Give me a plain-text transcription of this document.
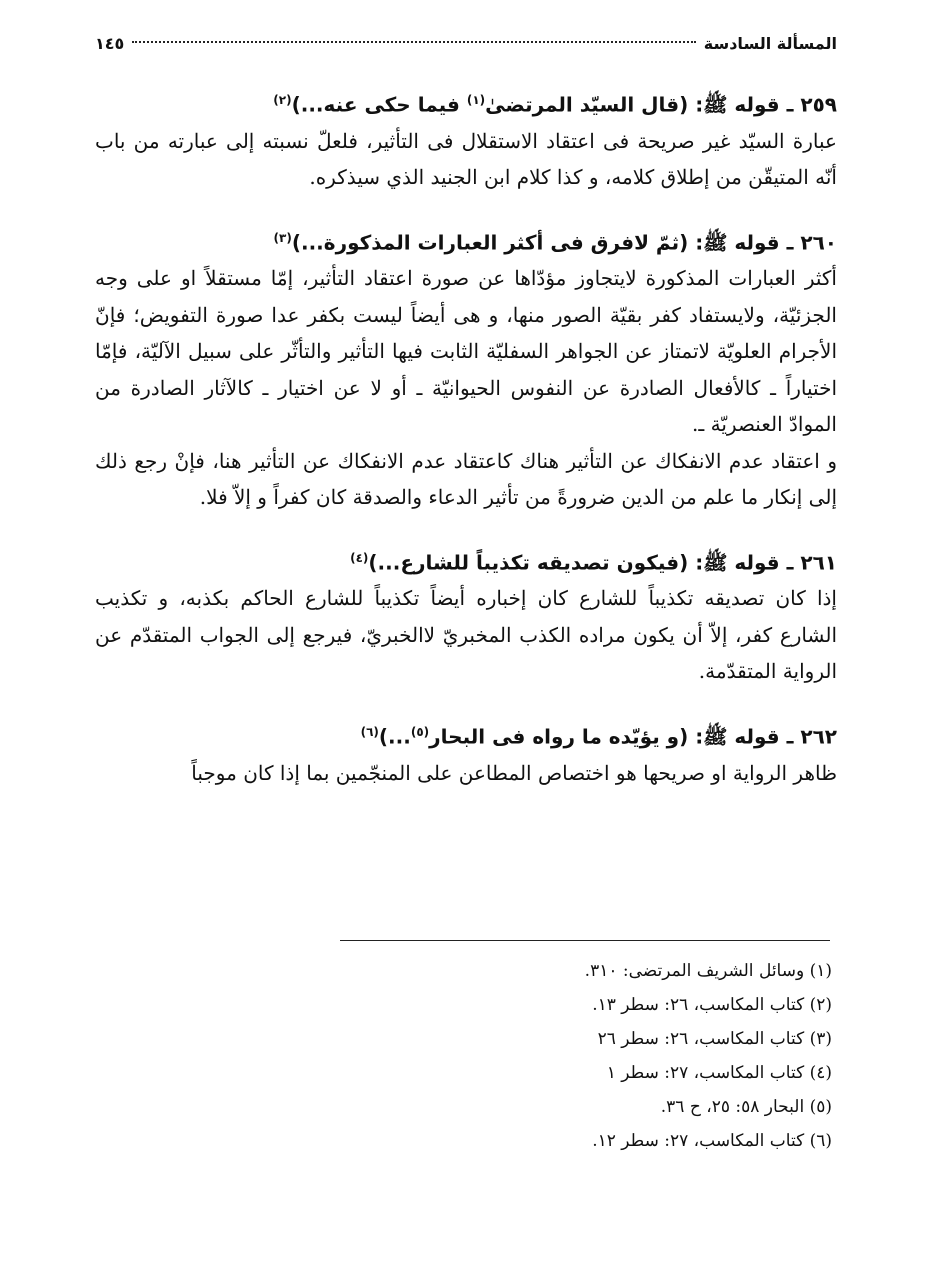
المسألة السادسة
١٤٥
٢٥٩ ـ قوله ﷺ: (قال السيّد المرتضىٰ$^{(١)}$ فيما حكى عنه...)$^{(٢)}$

عبارة السيّد غير صريحة فى اعتقاد الاستقلال فى التأثير، فلعلّ نسبته إلى عبارته من باب أنّه المتيقّن من إطلاق كلامه، و كذا كلام ابن الجنيد الذي سيذكره.

٢٦٠ ـ قوله ﷺ: (ثمّ لافرق فى أكثر العبارات المذكورة...)$^{(٣)}$

أكثر العبارات المذكورة لايتجاوز مؤدّاها عن صورة اعتقاد التأثير، إمّا مستقلاً او على وجه الجزئيّة، ولايستفاد كفر بقيّة الصور منها، و هى أيضاً ليست بكفر عدا صورة التفويض؛ فإنّ الأجرام العلويّة لاتمتاز عن الجواهر السفليّة الثابت فيها التأثير والتأثّر على سبيل الآليّة، فإمّا اختياراً ـ كالأفعال الصادرة عن النفوس الحيوانيّة ـ أو لا عن اختيار ـ كالآثار الصادرة من الموادّ العنصريّة ـ.

و اعتقاد عدم الانفكاك عن التأثير هناك كاعتقاد عدم الانفكاك عن التأثير هنا، فإنْ رجع ذلك إلى إنكار ما علم من الدين ضرورةً من تأثير الدعاء والصدقة كان كفراً و إلاّ فلا.

٢٦١ ـ قوله ﷺ: (فيكون تصديقه تكذيباً للشارع...)$^{(٤)}$

إذا كان تصديقه تكذيباً للشارع كان إخباره أيضاً تكذيباً للشارع الحاكم بكذبه، و تكذيب الشارع كفر، إلاّ أن يكون مراده الكذب المخبريّ لاالخبريّ، فيرجع إلى الجواب المتقدّم عن الرواية المتقدّمة.

٢٦٢ ـ قوله ﷺ: (و يؤيّده ما رواه فى البحار$^{(٥)}$...)$^{(٦)}$

ظاهر الرواية او صريحها هو اختصاص المطاعن على المنجّمين بما إذا كان موجباً

(١) وسائل الشريف المرتضى: ٣١٠.
(٢) كتاب المكاسب، ٢٦: سطر ١٣.
(٣) كتاب المكاسب، ٢٦: سطر ٢٦
(٤) كتاب المكاسب، ٢٧: سطر ١
(٥) البحار ٥٨: ٢٥، ح ٣٦.
(٦) كتاب المكاسب، ٢٧: سطر ١٢.
